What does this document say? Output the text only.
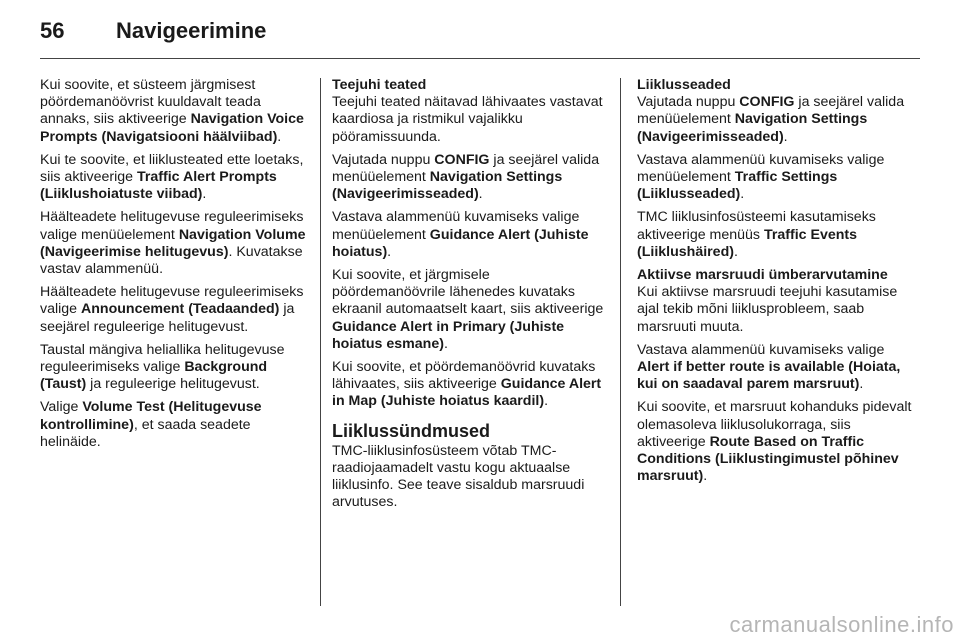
56 Navigeerimine

Kui soovite, et süsteem järgmisest pöördemanöövrist kuuldavalt teada annaks, siis aktiveerige Navigation Voice Prompts (Navigatsiooni häälviibad).

Kui te soovite, et liiklusteated ette loetaks, siis aktiveerige Traffic Alert Prompts (Liiklushoiatuste viibad).

Häälteadete helitugevuse reguleerimiseks valige menüüelement Navigation Volume (Navigeerimise helitugevus). Kuvatakse vastav alammenüü.

Häälteadete helitugevuse reguleerimiseks valige Announcement (Teadaanded) ja seejärel reguleerige helitugevust.

Taustal mängiva heliallika helitugevuse reguleerimiseks valige Background (Taust) ja reguleerige helitugevust.

Valige Volume Test (Helitugevuse kontrollimine), et saada seadete helinäide.

Teejuhi teated

Teejuhi teated näitavad lähivaates vastavat kaardiosa ja ristmikul vajalikku pööramissuunda.

Vajutada nuppu CONFIG ja seejärel valida menüüelement Navigation Settings (Navigeerimisseaded).

Vastava alammenüü kuvamiseks valige menüüelement Guidance Alert (Juhiste hoiatus).

Kui soovite, et järgmisele pöördemanöövrile lähenedes kuvataks ekraanil automaatselt kaart, siis aktiveerige Guidance Alert in Primary (Juhiste hoiatus esmane).

Kui soovite, et pöördemanöövrid kuvataks lähivaates, siis aktiveerige Guidance Alert in Map (Juhiste hoiatus kaardil).

Liiklussündmused

TMC-liiklusinfosüsteem võtab TMC-raadiojaamadelt vastu kogu aktuaalse liiklusinfo. See teave sisaldub marsruudi arvutuses.

Liiklusseaded

Vajutada nuppu CONFIG ja seejärel valida menüüelement Navigation Settings (Navigeerimisseaded).

Vastava alammenüü kuvamiseks valige menüüelement Traffic Settings (Liiklusseaded).

TMC liiklusinfosüsteemi kasutamiseks aktiveerige menüüs Traffic Events (Liiklushäired).

Aktiivse marsruudi ümberarvutamine

Kui aktiivse marsruudi teejuhi kasutamise ajal tekib mõni liiklusprobleem, saab marsruuti muuta.

Vastava alammenüü kuvamiseks valige Alert if better route is available (Hoiata, kui on saadaval parem marsruut).

Kui soovite, et marsruut kohanduks pidevalt olemasoleva liiklusolukorraga, siis aktiveerige Route Based on Traffic Conditions (Liiklustingimustel põhinev marsruut).

carmanualsonline.info
